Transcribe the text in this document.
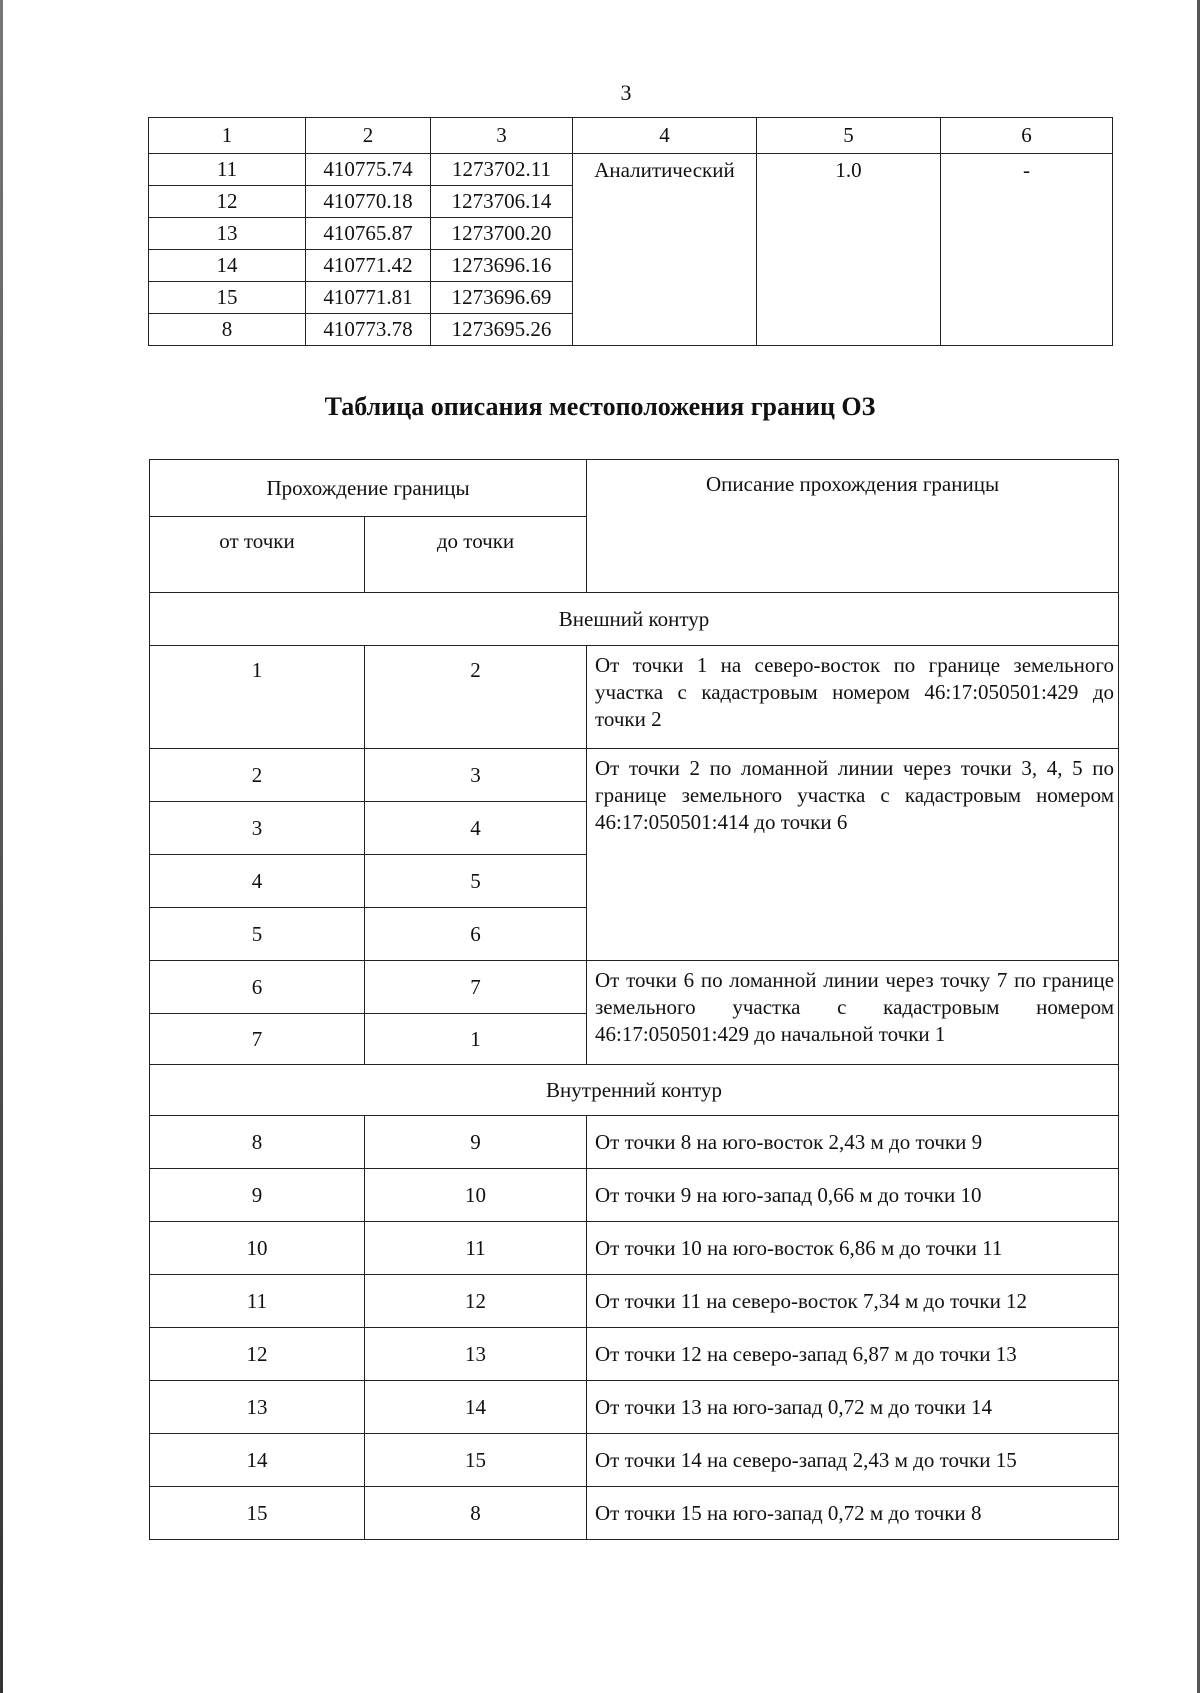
3
1	2	3	4	5	6
11	410775.74	1273702.11	Аналитический	1.0	-
12	410770.18	1273706.14			
13	410765.87	1273700.20			
14	410771.42	1273696.16			
15	410771.81	1273696.69			
8	410773.78	1273695.26			
Таблица описания местоположения границ ОЗ
Прохождение границы		Описание прохождения границы
от точки	до точки	
Внешний контур		
1	2	От точки 1 на северо-восток по границе земельного участка с кадастровым номером 46:17:050501:429 до точки 2
2	3	От точки 2 по ломанной линии через точки 3, 4, 5 по границе земельного участка с кадастровым номером 46:17:050501:414 до точки 6
3	4	
4	5	
5	6	
6	7	От точки 6 по ломанной линии через точку 7 по границе земельного участка с кадастровым номером 46:17:050501:429 до начальной точки 1
7	1	
Внутренний контур		
8	9	От точки 8 на юго-восток 2,43 м до точки 9
9	10	От точки 9 на юго-запад 0,66 м до точки 10
10	11	От точки 10 на юго-восток 6,86 м до точки 11
11	12	От точки 11 на северо-восток 7,34 м до точки 12
12	13	От точки 12 на северо-запад 6,87 м до точки 13
13	14	От точки 13 на юго-запад 0,72 м до точки 14
14	15	От точки 14 на северо-запад 2,43 м до точки 15
15	8	От точки 15 на юго-запад 0,72 м до точки 8
